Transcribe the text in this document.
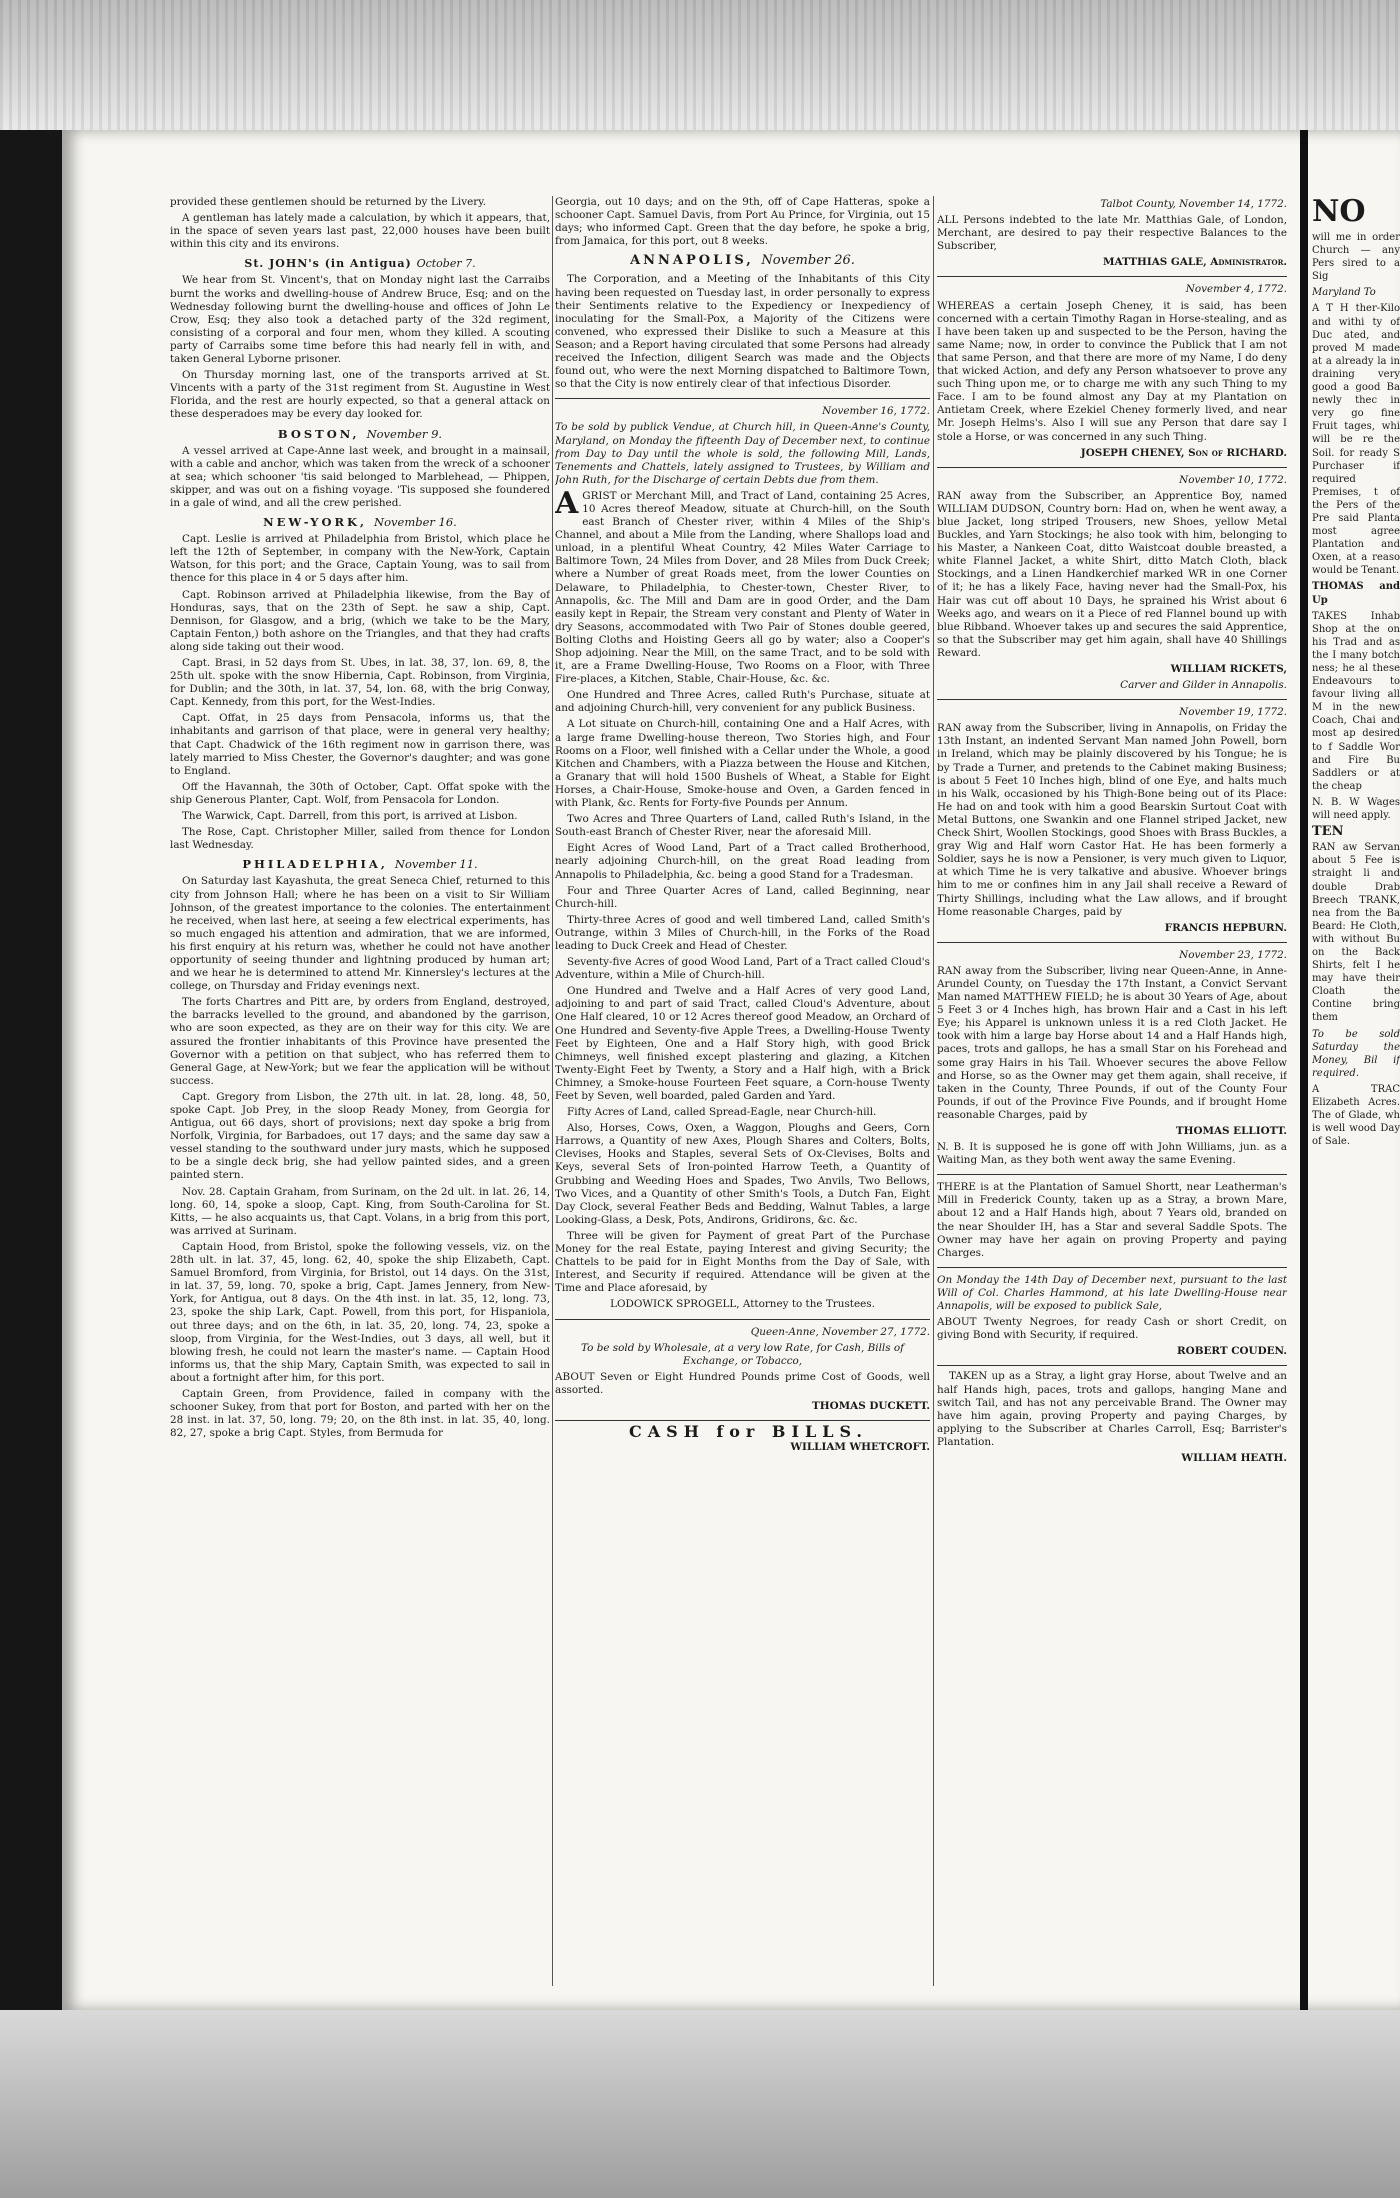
provided these gentlemen should be returned by the Livery.

A gentleman has lately made a calculation, by which it appears, that, in the space of seven years last past, 22,000 houses have been built within this city and its environs.

St. JOHN's (in Antigua) October 7.

We hear from St. Vincent's, that on Monday night last the Carraibs burnt the works and dwelling-house of Andrew Bruce, Esq; and on the Wednesday following burnt the dwelling-house and offices of John Le Crow, Esq; they also took a detached party of the 32d regiment, consisting of a corporal and four men, whom they killed. A scouting party of Carraibs some time before this had nearly fell in with, and taken General Lyborne prisoner.

On Thursday morning last, one of the transports arrived at St. Vincents with a party of the 31st regiment from St. Augustine in West Florida, and the rest are hourly expected, so that a general attack on these desperadoes may be every day looked for.

BOSTON, November 9.

A vessel arrived at Cape-Anne last week, and brought in a mainsail, with a cable and anchor, which was taken from the wreck of a schooner at sea; which schooner 'tis said belonged to Marblehead, — Phippen, skipper, and was out on a fishing voyage. 'Tis supposed she foundered in a gale of wind, and all the crew perished.

NEW-YORK, November 16.

Capt. Leslie is arrived at Philadelphia from Bristol, which place he left the 12th of September, in company with the New-York, Captain Watson, for this port; and the Grace, Captain Young, was to sail from thence for this place in 4 or 5 days after him.

Capt. Robinson arrived at Philadelphia likewise, from the Bay of Honduras, says, that on the 23th of Sept. he saw a ship, Capt. Dennison, for Glasgow, and a brig, (which we take to be the Mary, Captain Fenton,) both ashore on the Triangles, and that they had crafts along side taking out their wood.

Capt. Brasi, in 52 days from St. Ubes, in lat. 38, 37, lon. 69, 8, the 25th ult. spoke with the snow Hibernia, Capt. Robinson, from Virginia, for Dublin; and the 30th, in lat. 37, 54, lon. 68, with the brig Conway, Capt. Kennedy, from this port, for the West-Indies.

Capt. Offat, in 25 days from Pensacola, informs us, that the inhabitants and garrison of that place, were in general very healthy; that Capt. Chadwick of the 16th regiment now in garrison there, was lately married to Miss Chester, the Governor's daughter; and was gone to England.

Off the Havannah, the 30th of October, Capt. Offat spoke with the ship Generous Planter, Capt. Wolf, from Pensacola for London.

The Warwick, Capt. Darrell, from this port, is arrived at Lisbon.

The Rose, Capt. Christopher Miller, sailed from thence for London last Wednesday.

PHILADELPHIA, November 11.

On Saturday last Kayashuta, the great Seneca Chief, returned to this city from Johnson Hall; where he has been on a visit to Sir William Johnson, of the greatest importance to the colonies. The entertainment he received, when last here, at seeing a few electrical experiments, has so much engaged his attention and admiration, that we are informed, his first enquiry at his return was, whether he could not have another opportunity of seeing thunder and lightning produced by human art; and we hear he is determined to attend Mr. Kinnersley's lectures at the college, on Thursday and Friday evenings next.

The forts Chartres and Pitt are, by orders from England, destroyed, the barracks levelled to the ground, and abandoned by the garrison, who are soon expected, as they are on their way for this city. We are assured the frontier inhabitants of this Province have presented the Governor with a petition on that subject, who has referred them to General Gage, at New-York; but we fear the application will be without success.

Capt. Gregory from Lisbon, the 27th ult. in lat. 28, long. 48, 50, spoke Capt. Job Prey, in the sloop Ready Money, from Georgia for Antigua, out 66 days, short of provisions; next day spoke a brig from Norfolk, Virginia, for Barbadoes, out 17 days; and the same day saw a vessel standing to the southward under jury masts, which he supposed to be a single deck brig, she had yellow painted sides, and a green painted stern.

Nov. 28. Captain Graham, from Surinam, on the 2d ult. in lat. 26, 14, long. 60, 14, spoke a sloop, Capt. King, from South-Carolina for St. Kitts, — he also acquaints us, that Capt. Volans, in a brig from this port, was arrived at Surinam.

Captain Hood, from Bristol, spoke the following vessels, viz. on the 28th ult. in lat. 37, 45, long. 62, 40, spoke the ship Elizabeth, Capt. Samuel Bromford, from Virginia, for Bristol, out 14 days. On the 31st, in lat. 37, 59, long. 70, spoke a brig, Capt. James Jennery, from New-York, for Antigua, out 8 days. On the 4th inst. in lat. 35, 12, long. 73, 23, spoke the ship Lark, Capt. Powell, from this port, for Hispaniola, out three days; and on the 6th, in lat. 35, 20, long. 74, 23, spoke a sloop, from Virginia, for the West-Indies, out 3 days, all well, but it blowing fresh, he could not learn the master's name. — Captain Hood informs us, that the ship Mary, Captain Smith, was expected to sail in about a fortnight after him, for this port.

Captain Green, from Providence, failed in company with the schooner Sukey, from that port for Boston, and parted with her on the 28 inst. in lat. 37, 50, long. 79; 20, on the 8th inst. in lat. 35, 40, long. 82, 27, spoke a brig Capt. Styles, from Bermuda for

Georgia, out 10 days; and on the 9th, off of Cape Hatteras, spoke a schooner Capt. Samuel Davis, from Port Au Prince, for Virginia, out 15 days; who informed Capt. Green that the day before, he spoke a brig, from Jamaica, for this port, out 8 weeks.

ANNAPOLIS, November 26.

The Corporation, and a Meeting of the Inhabitants of this City having been requested on Tuesday last, in order personally to express their Sentiments relative to the Expediency or Inexpediency of inoculating for the Small-Pox, a Majority of the Citizens were convened, who expressed their Dislike to such a Measure at this Season; and a Report having circulated that some Persons had already received the Infection, diligent Search was made and the Objects found out, who were the next Morning dispatched to Baltimore Town, so that the City is now entirely clear of that infectious Disorder.

November 16, 1772.

To be sold by publick Vendue, at Church hill, in Queen-Anne's County, Maryland, on Monday the fifteenth Day of December next, to continue from Day to Day until the whole is sold, the following Mill, Lands, Tenements and Chattels, lately assigned to Trustees, by William and John Ruth, for the Discharge of certain Debts due from them.

AGRIST or Merchant Mill, and Tract of Land, containing 25 Acres, 10 Acres thereof Meadow, situate at Church-hill, on the South east Branch of Chester river, within 4 Miles of the Ship's Channel, and about a Mile from the Landing, where Shallops load and unload, in a plentiful Wheat Country, 42 Miles Water Carriage to Baltimore Town, 24 Miles from Dover, and 28 Miles from Duck Creek; where a Number of great Roads meet, from the lower Counties on Delaware, to Philadelphia, to Chester-town, Chester River, to Annapolis, &c. The Mill and Dam are in good Order, and the Dam easily kept in Repair, the Stream very constant and Plenty of Water in dry Seasons, accommodated with Two Pair of Stones double geered, Bolting Cloths and Hoisting Geers all go by water; also a Cooper's Shop adjoining. Near the Mill, on the same Tract, and to be sold with it, are a Frame Dwelling-House, Two Rooms on a Floor, with Three Fire-places, a Kitchen, Stable, Chair-House, &c. &c.

One Hundred and Three Acres, called Ruth's Purchase, situate at and adjoining Church-hill, very convenient for any publick Business.

A Lot situate on Church-hill, containing One and a Half Acres, with a large frame Dwelling-house thereon, Two Stories high, and Four Rooms on a Floor, well finished with a Cellar under the Whole, a good Kitchen and Chambers, with a Piazza between the House and Kitchen, a Granary that will hold 1500 Bushels of Wheat, a Stable for Eight Horses, a Chair-House, Smoke-house and Oven, a Garden fenced in with Plank, &c. Rents for Forty-five Pounds per Annum.

Two Acres and Three Quarters of Land, called Ruth's Island, in the South-east Branch of Chester River, near the aforesaid Mill.

Eight Acres of Wood Land, Part of a Tract called Brotherhood, nearly adjoining Church-hill, on the great Road leading from Annapolis to Philadelphia, &c. being a good Stand for a Tradesman.

Four and Three Quarter Acres of Land, called Beginning, near Church-hill.

Thirty-three Acres of good and well timbered Land, called Smith's Outrange, within 3 Miles of Church-hill, in the Forks of the Road leading to Duck Creek and Head of Chester.

Seventy-five Acres of good Wood Land, Part of a Tract called Cloud's Adventure, within a Mile of Church-hill.

One Hundred and Twelve and a Half Acres of very good Land, adjoining to and part of said Tract, called Cloud's Adventure, about One Half cleared, 10 or 12 Acres thereof good Meadow, an Orchard of One Hundred and Seventy-five Apple Trees, a Dwelling-House Twenty Feet by Eighteen, One and a Half Story high, with good Brick Chimneys, well finished except plastering and glazing, a Kitchen Twenty-Eight Feet by Twenty, a Story and a Half high, with a Brick Chimney, a Smoke-house Fourteen Feet square, a Corn-house Twenty Feet by Seven, well boarded, paled Garden and Yard.

Fifty Acres of Land, called Spread-Eagle, near Church-hill.

Also, Horses, Cows, Oxen, a Waggon, Ploughs and Geers, Corn Harrows, a Quantity of new Axes, Plough Shares and Colters, Bolts, Clevises, Hooks and Staples, several Sets of Ox-Clevises, Bolts and Keys, several Sets of Iron-pointed Harrow Teeth, a Quantity of Grubbing and Weeding Hoes and Spades, Two Anvils, Two Bellows, Two Vices, and a Quantity of other Smith's Tools, a Dutch Fan, Eight Day Clock, several Feather Beds and Bedding, Walnut Tables, a large Looking-Glass, a Desk, Pots, Andirons, Gridirons, &c. &c.

Three will be given for Payment of great Part of the Purchase Money for the real Estate, paying Interest and giving Security; the Chattels to be paid for in Eight Months from the Day of Sale, with Interest, and Security if required. Attendance will be given at the Time and Place aforesaid, by

LODOWICK SPROGELL, Attorney to the Trustees.

Queen-Anne, November 27, 1772.

To be sold by Wholesale, at a very low Rate, for Cash, Bills of Exchange, or Tobacco,

ABOUT Seven or Eight Hundred Pounds prime Cost of Goods, well assorted.

THOMAS DUCKETT.

CASH for BILLS.

WILLIAM WHETCROFT.

Talbot County, November 14, 1772.

ALL Persons indebted to the late Mr. Matthias Gale, of London, Merchant, are desired to pay their respective Balances to the Subscriber,

MATTHIAS GALE, Administrator.

November 4, 1772.

WHEREAS a certain Joseph Cheney, it is said, has been concerned with a certain Timothy Ragan in Horse-stealing, and as I have been taken up and suspected to be the Person, having the same Name; now, in order to convince the Publick that I am not that same Person, and that there are more of my Name, I do deny that wicked Action, and defy any Person whatsoever to prove any such Thing upon me, or to charge me with any such Thing to my Face. I am to be found almost any Day at my Plantation on Antietam Creek, where Ezekiel Cheney formerly lived, and near Mr. Joseph Helms's. Also I will sue any Person that dare say I stole a Horse, or was concerned in any such Thing.

JOSEPH CHENEY, Son of RICHARD.

November 10, 1772.

RAN away from the Subscriber, an Apprentice Boy, named WILLIAM DUDSON, Country born: Had on, when he went away, a blue Jacket, long striped Trousers, new Shoes, yellow Metal Buckles, and Yarn Stockings; he also took with him, belonging to his Master, a Nankeen Coat, ditto Waistcoat double breasted, a white Flannel Jacket, a white Shirt, ditto Match Cloth, black Stockings, and a Linen Handkerchief marked WR in one Corner of it; he has a likely Face, having never had the Small-Pox, his Hair was cut off about 10 Days, he sprained his Wrist about 6 Weeks ago, and wears on it a Piece of red Flannel bound up with blue Ribband. Whoever takes up and secures the said Apprentice, so that the Subscriber may get him again, shall have 40 Shillings Reward.

WILLIAM RICKETS,

Carver and Gilder in Annapolis.

November 19, 1772.

RAN away from the Subscriber, living in Annapolis, on Friday the 13th Instant, an indented Servant Man named John Powell, born in Ireland, which may be plainly discovered by his Tongue; he is by Trade a Turner, and pretends to the Cabinet making Business; is about 5 Feet 10 Inches high, blind of one Eye, and halts much in his Walk, occasioned by his Thigh-Bone being out of its Place: He had on and took with him a good Bearskin Surtout Coat with Metal Buttons, one Swankin and one Flannel striped Jacket, new Check Shirt, Woollen Stockings, good Shoes with Brass Buckles, a gray Wig and Half worn Castor Hat. He has been formerly a Soldier, says he is now a Pensioner, is very much given to Liquor, at which Time he is very talkative and abusive. Whoever brings him to me or confines him in any Jail shall receive a Reward of Thirty Shillings, including what the Law allows, and if brought Home reasonable Charges, paid by

FRANCIS HEPBURN.

November 23, 1772.

RAN away from the Subscriber, living near Queen-Anne, in Anne-Arundel County, on Tuesday the 17th Instant, a Convict Servant Man named MATTHEW FIELD; he is about 30 Years of Age, about 5 Feet 3 or 4 Inches high, has brown Hair and a Cast in his left Eye; his Apparel is unknown unless it is a red Cloth Jacket. He took with him a large bay Horse about 14 and a Half Hands high, paces, trots and gallops, he has a small Star on his Forehead and some gray Hairs in his Tail. Whoever secures the above Fellow and Horse, so as the Owner may get them again, shall receive, if taken in the County, Three Pounds, if out of the County Four Pounds, if out of the Province Five Pounds, and if brought Home reasonable Charges, paid by

THOMAS ELLIOTT.

N. B. It is supposed he is gone off with John Williams, jun. as a Waiting Man, as they both went away the same Evening.

THERE is at the Plantation of Samuel Shortt, near Leatherman's Mill in Frederick County, taken up as a Stray, a brown Mare, about 12 and a Half Hands high, about 7 Years old, branded on the near Shoulder IH, has a Star and several Saddle Spots. The Owner may have her again on proving Property and paying Charges.

On Monday the 14th Day of December next, pursuant to the last Will of Col. Charles Hammond, at his late Dwelling-House near Annapolis, will be exposed to publick Sale,

ABOUT Twenty Negroes, for ready Cash or short Credit, on giving Bond with Security, if required.

ROBERT COUDEN.

TAKEN up as a Stray, a light gray Horse, about Twelve and an half Hands high, paces, trots and gallops, hanging Mane and switch Tail, and has not any perceivable Brand. The Owner may have him again, proving Property and paying Charges, by applying to the Subscriber at Charles Carroll, Esq; Barrister's Plantation.

WILLIAM HEATH.

NO

will me in order Church — any Pers sired to a Sig

Maryland To

A T H ther-Kilo and withi ty of Duc ated, and proved M made at a already la in draining very good a good Ba newly thec in very go fine Fruit tages, whi will be re the Soil. for ready S Purchaser if required Premises, t of the Pers of the Pre said Planta most agree Plantation and Oxen, at a reaso would be Tenant.

THOMAS and Up

TAKES Inhab Shop at the on his Trad and as the I many botch ness; he al these Endeavours to favour living all M in the new Coach, Chai and most ap desired to f Saddle Wor and Fire Bu Saddlers or at the cheap

N. B. W Wages will need apply.

TEN

RAN aw Servan about 5 Fee is straight li and double Drab Breech TRANK, nea from the Ba Beard: He Cloth, with without Bu on the Back Shirts, felt I he may have their Cloath the Contine bring them

To be sold Saturday the Money, Bil if required.

A TRAC Elizabeth Acres. The of Glade, wh is well wood Day of Sale.
